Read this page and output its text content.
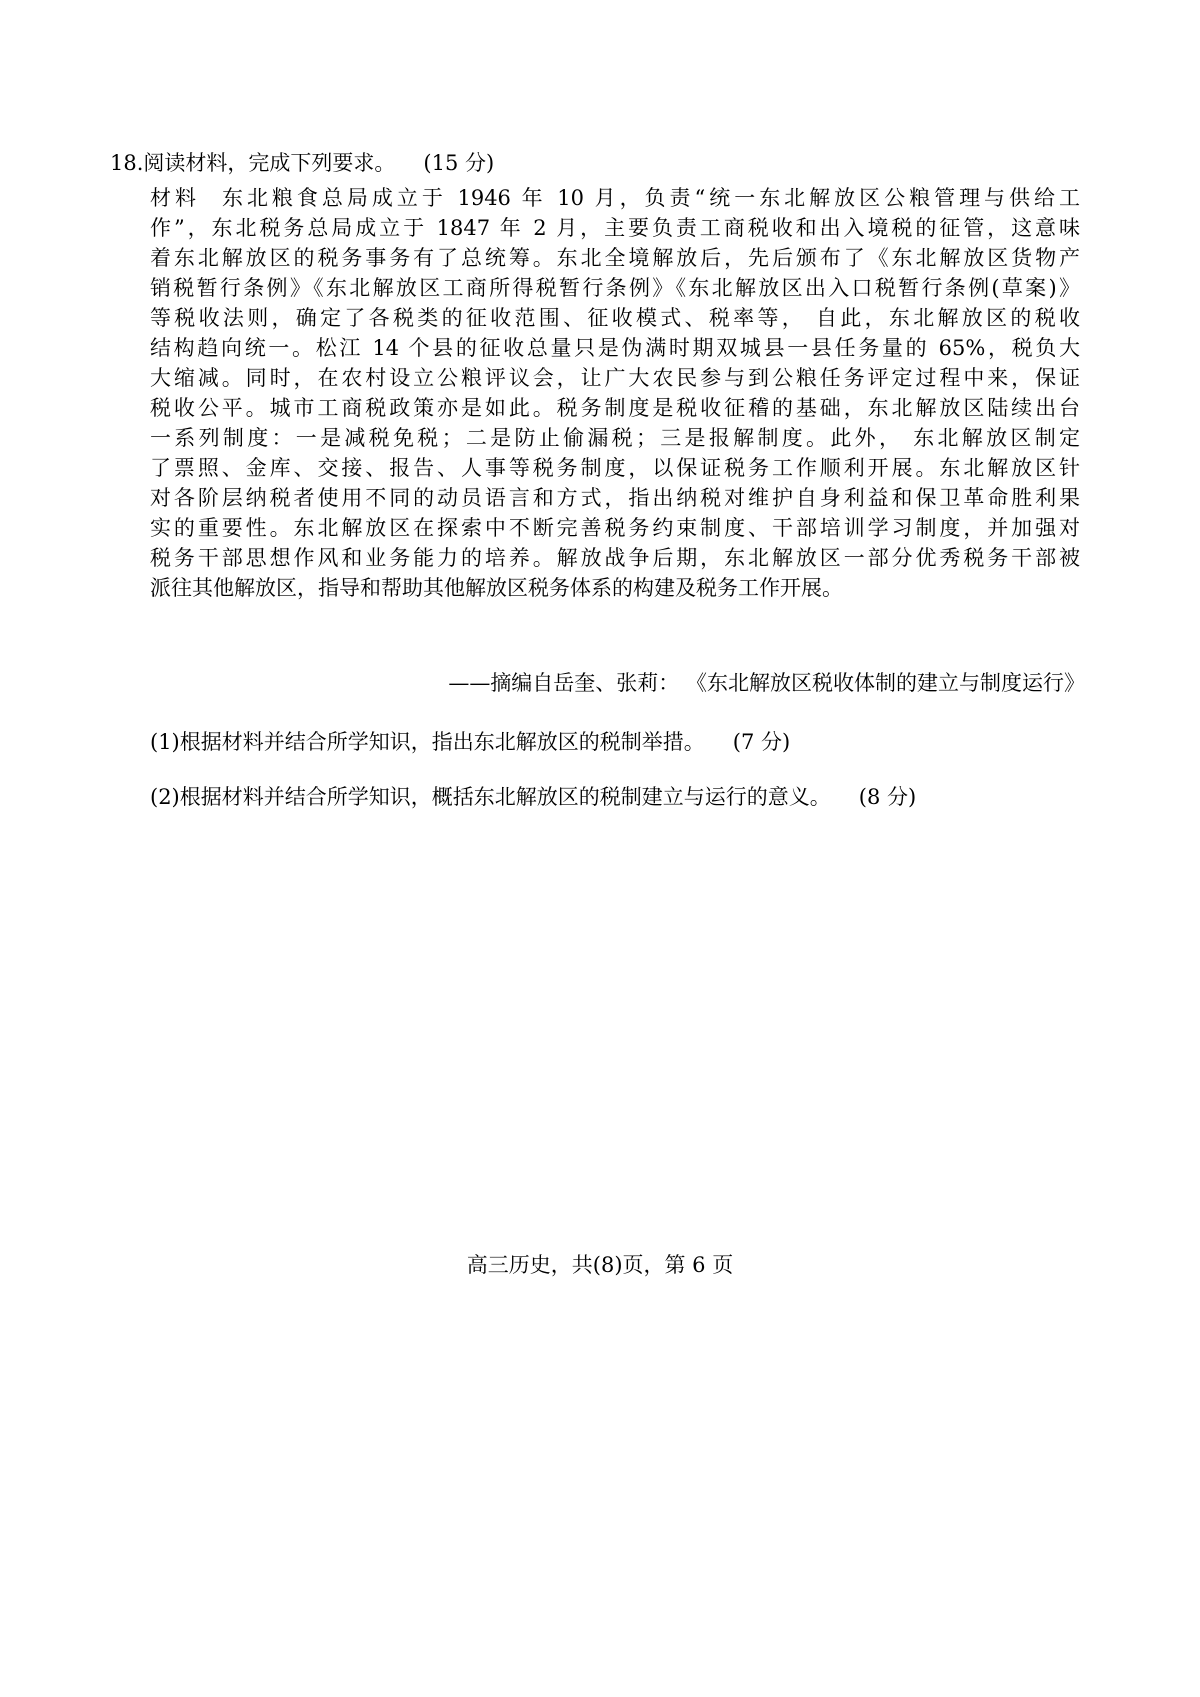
18.阅读材料，完成下列要求。 (15 分)
材料 东北粮食总局成立于 1946 年 10 月，负责“统一东北解放区公粮管理与供给工
作”，东北税务总局成立于 1847 年 2 月，主要负责工商税收和出入境税的征管，这意味
着东北解放区的税务事务有了总统筹。东北全境解放后，先后颁布了《东北解放区货物产
销税暂行条例》《东北解放区工商所得税暂行条例》《东北解放区出入口税暂行条例(草案)》
等税收法则，确定了各税类的征收范围、征收模式、税率等， 自此，东北解放区的税收
结构趋向统一。松江 14 个县的征收总量只是伪满时期双城县一县任务量的 65%，税负大
大缩减。同时，在农村设立公粮评议会，让广大农民参与到公粮任务评定过程中来，保证
税收公平。城市工商税政策亦是如此。税务制度是税收征稽的基础，东北解放区陆续出台
一系列制度：一是减税免税；二是防止偷漏税；三是报解制度。此外， 东北解放区制定
了票照、金库、交接、报告、人事等税务制度，以保证税务工作顺利开展。东北解放区针
对各阶层纳税者使用不同的动员语言和方式，指出纳税对维护自身利益和保卫革命胜利果
实的重要性。东北解放区在探索中不断完善税务约束制度、干部培训学习制度，并加强对
税务干部思想作风和业务能力的培养。解放战争后期，东北解放区一部分优秀税务干部被
派往其他解放区，指导和帮助其他解放区税务体系的构建及税务工作开展。
——摘编自岳奎、张莉： 《东北解放区税收体制的建立与制度运行》
(1)根据材料并结合所学知识，指出东北解放区的税制举措。 (7 分)
(2)根据材料并结合所学知识，概括东北解放区的税制建立与运行的意义。 (8 分)
高三历史，共(8)页，第 6 页
